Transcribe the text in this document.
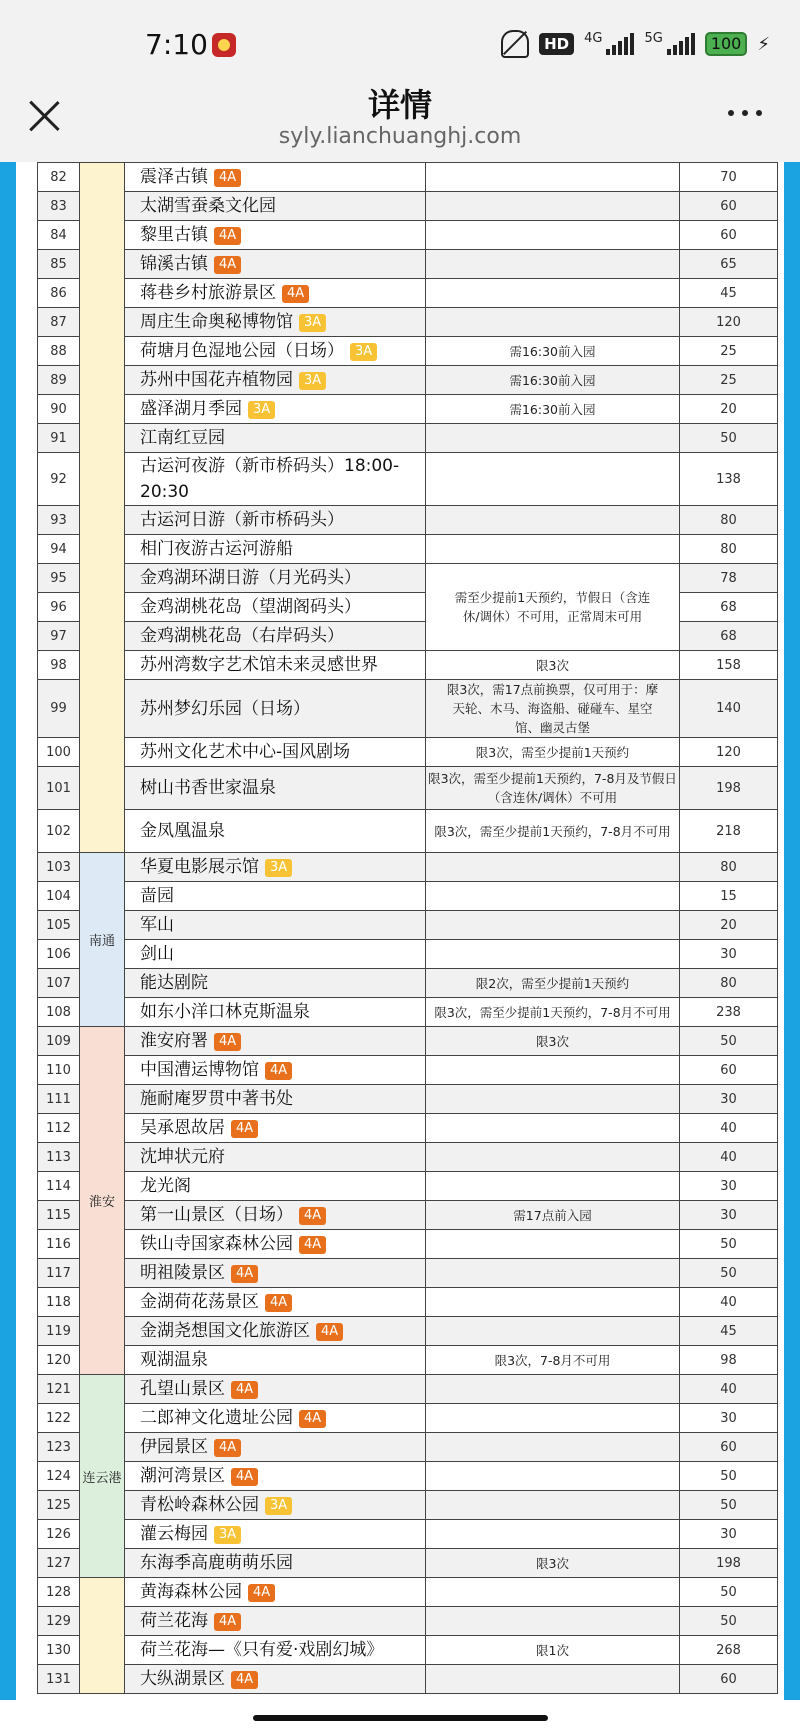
7:10	HD	4G	5G	100 ⚡
详情
syly.lianchuanghj.com
82		震泽古镇 4A		70
83		太湖雪蚕桑文化园		60
84		黎里古镇 4A		60
85		锦溪古镇 4A		65
86		蒋巷乡村旅游景区 4A		45
87		周庄生命奥秘博物馆 3A		120
88		荷塘月色湿地公园（日场） 3A	需16:30前入园	25
89		苏州中国花卉植物园 3A	需16:30前入园	25
90		盛泽湖月季园 3A	需16:30前入园	20
91		江南红豆园		50
92		古运河夜游（新市桥码头）18:00-20:30		138
93		古运河日游（新市桥码头）		80
94		相门夜游古运河游船		80
95		金鸡湖环湖日游（月光码头）	需至少提前1天预约，节假日（含连休/调休）不可用，正常周末可用	78
96		金鸡湖桃花岛（望湖阁码头）		68
97		金鸡湖桃花岛（右岸码头）		68
98		苏州湾数字艺术馆未来灵感世界	限3次	158
99		苏州梦幻乐园（日场）	限3次，需17点前换票，仅可用于：摩天轮、木马、海盗船、碰碰车、星空馆、幽灵古堡	140
100		苏州文化艺术中心-国风剧场	限3次，需至少提前1天预约	120
101		树山书香世家温泉	限3次，需至少提前1天预约，7-8月及节假日（含连休/调休）不可用	198
102		金凤凰温泉	限3次，需至少提前1天预约，7-8月不可用	218
103	南通	华夏电影展示馆 3A		80
104		啬园		15
105		军山		20
106		剑山		30
107		能达剧院	限2次，需至少提前1天预约	80
108		如东小洋口林克斯温泉	限3次，需至少提前1天预约，7-8月不可用	238
109	淮安	淮安府署 4A	限3次	50
110		中国漕运博物馆 4A		60
111		施耐庵罗贯中著书处		30
112		吴承恩故居 4A		40
113		沈坤状元府		40
114		龙光阁		30
115		第一山景区（日场） 4A	需17点前入园	30
116		铁山寺国家森林公园 4A		50
117		明祖陵景区 4A		50
118		金湖荷花荡景区 4A		40
119		金湖尧想国文化旅游区 4A		45
120		观湖温泉	限3次，7-8月不可用	98
121	连云港	孔望山景区 4A		40
122		二郎神文化遗址公园 4A		30
123		伊园景区 4A		60
124		潮河湾景区 4A		50
125		青松岭森林公园 3A		50
126		灌云梅园 3A		30
127		东海季高鹿萌萌乐园	限3次	198
128		黄海森林公园 4A		50
129		荷兰花海 4A		50
130		荷兰花海—《只有爱·戏剧幻城》	限1次	268
131		大纵湖景区 4A		60
